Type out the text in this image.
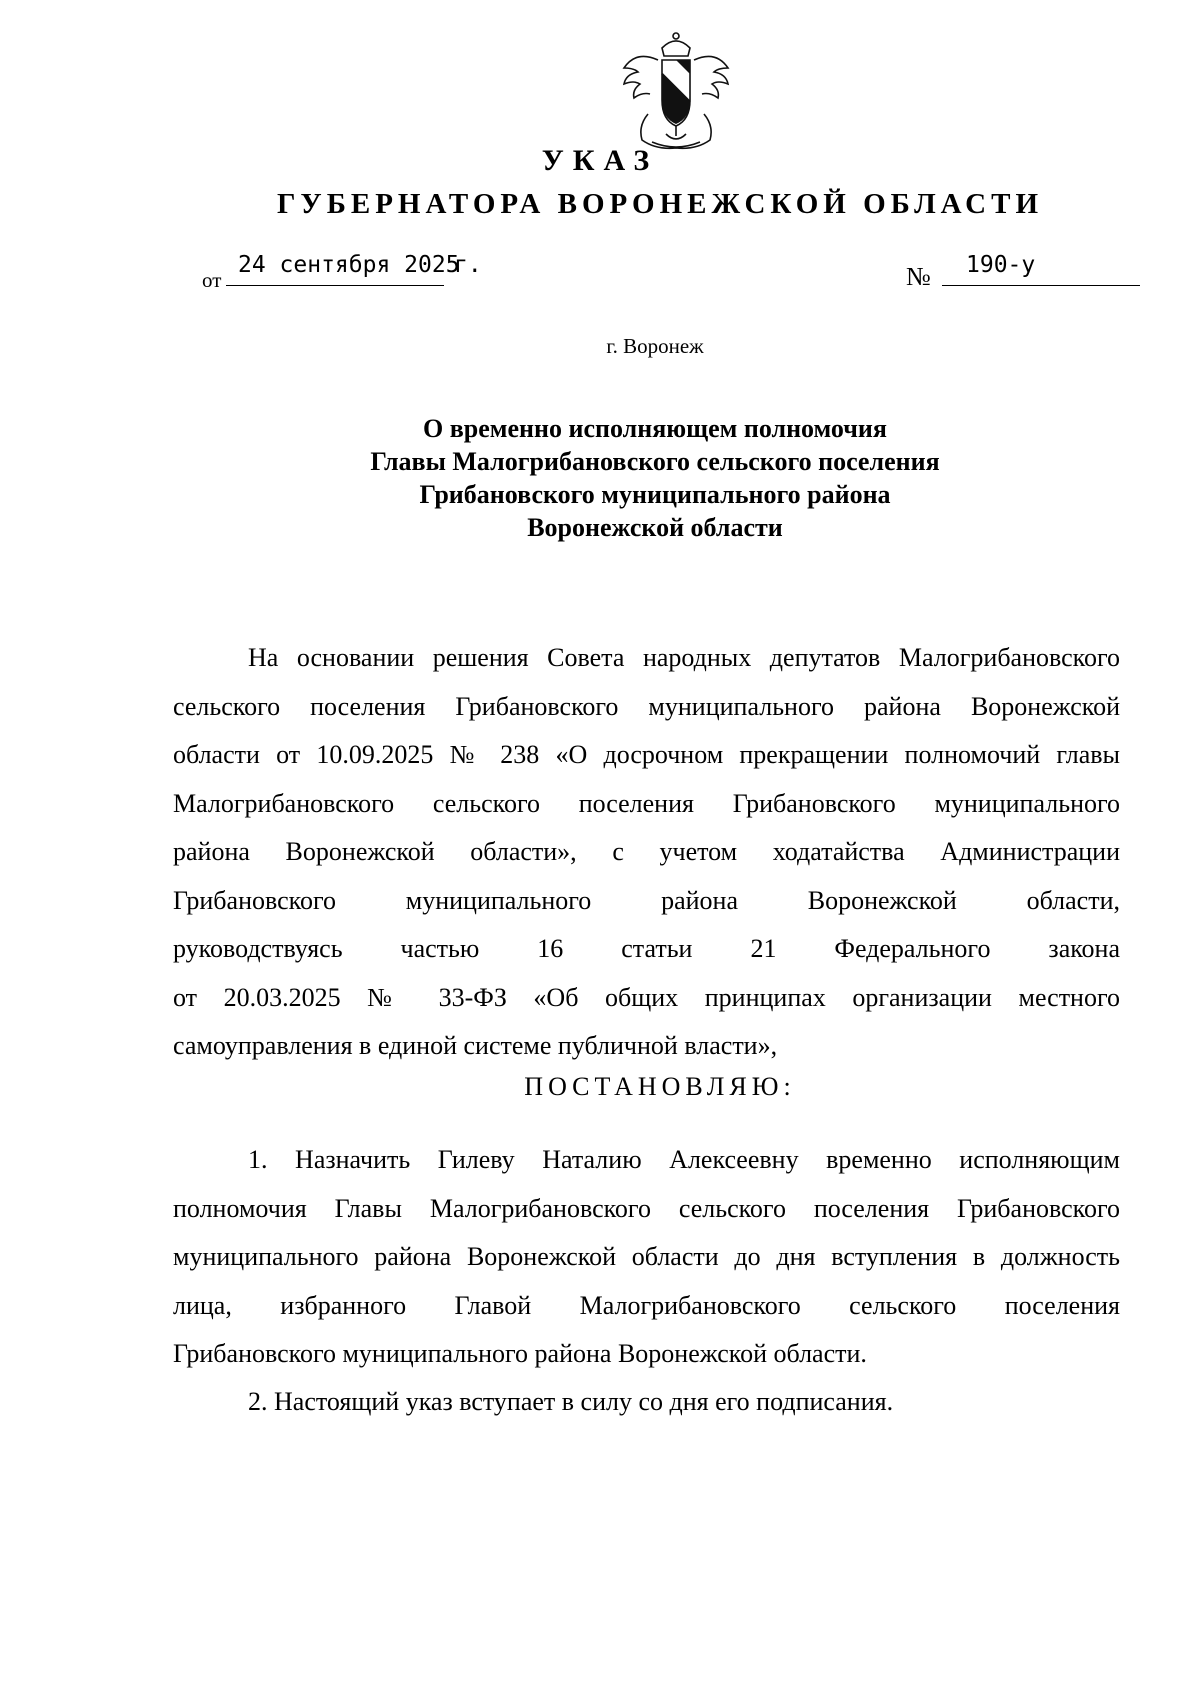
УКАЗ
ГУБЕРНАТОРА ВОРОНЕЖСКОЙ ОБЛАСТИ
от
24 сентября 2025
г.	№ 190-у
г. Воронеж
О временно исполняющем полномочия
Главы Малогрибановского сельского поселения
Грибановского муниципального района
Воронежской области
На основании решения Совета народных депутатов Малогрибановского
сельского поселения Грибановского муниципального района Воронежской
области от 10.09.2025 № 238 «О досрочном прекращении полномочий главы
Малогрибановского сельского поселения Грибановского муниципального
района Воронежской области», с учетом ходатайства Администрации
Грибановского муниципального района Воронежской области,
руководствуясь частью 16 статьи 21 Федерального закона
от 20.03.2025 № 33-ФЗ «Об общих принципах организации местного
самоуправления в единой системе публичной власти»,
ПОСТАНОВЛЯЮ:
1. Назначить Гилеву Наталию Алексеевну временно исполняющим
полномочия Главы Малогрибановского сельского поселения Грибановского
муниципального района Воронежской области до дня вступления в должность
лица, избранного Главой Малогрибановского сельского поселения
Грибановского муниципального района Воронежской области.
2. Настоящий указ вступает в силу со дня его подписания.
